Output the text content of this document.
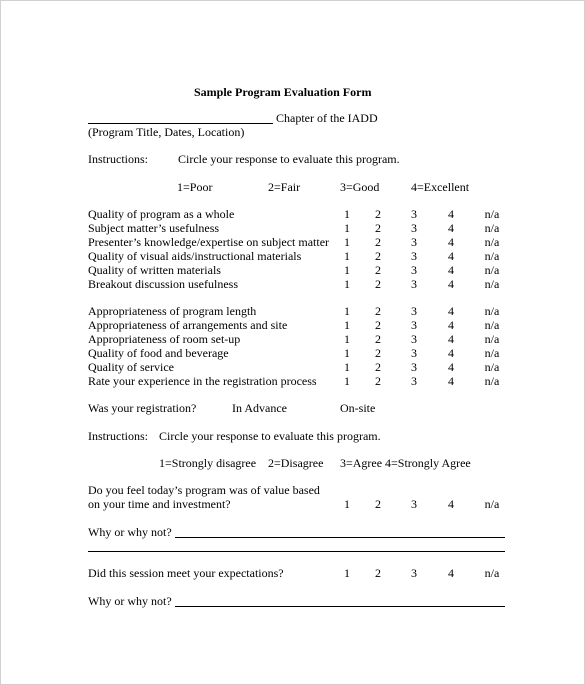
Sample Program Evaluation Form
Chapter of the IADD
(Program Title, Dates, Location)
Instructions:	Circle your response to evaluate this program.
1=Poor	2=Fair	3=Good	4=Excellent
Quality of program as a whole	1	2	3	4	n/a
Subject matter’s usefulness	1	2	3	4	n/a
Presenter’s knowledge/expertise on subject matter	1	2	3	4	n/a
Quality of visual aids/instructional materials	1	2	3	4	n/a
Quality of written materials	1	2	3	4	n/a
Breakout discussion usefulness	1	2	3	4	n/a
Appropriateness of program length	1	2	3	4	n/a
Appropriateness of arrangements and site	1	2	3	4	n/a
Appropriateness of room set-up	1	2	3	4	n/a
Quality of food and beverage	1	2	3	4	n/a
Quality of service	1	2	3	4	n/a
Rate your experience in the registration process	1	2	3	4	n/a
Was your registration?	In Advance	On-site
Instructions: Circle your response to evaluate this program.
1=Strongly disagree 2=Disagree 3=Agree 4=Strongly Agree
Do you feel today’s program was of value based
on your time and investment?	1	2	3	4	n/a
Why or why not?
Did this session meet your expectations?	1	2	3	4	n/a
Why or why not?
